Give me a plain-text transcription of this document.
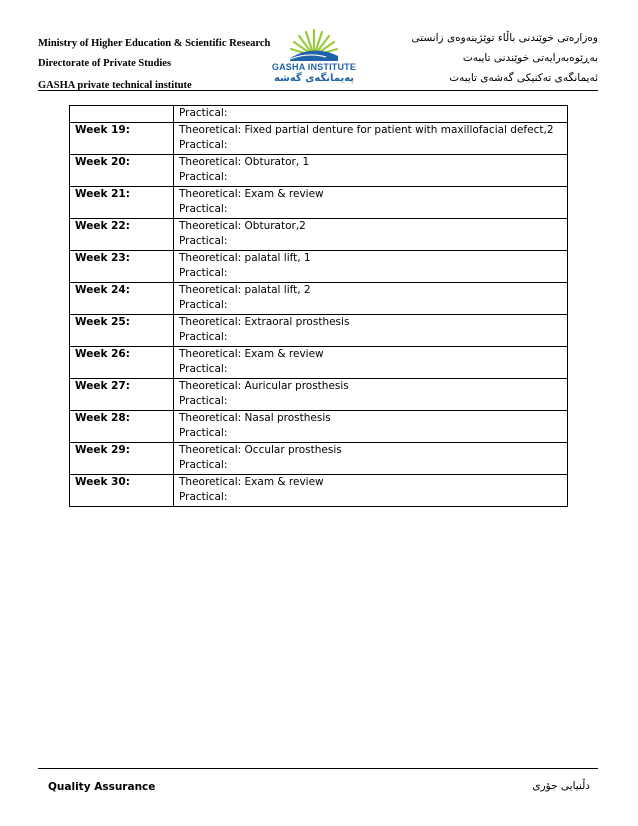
Ministry of Higher Education & Scientific Research
Directorate of Private Studies
GASHA private technical institute
GASHA INSTITUTE
پەیمانگەی گەشە
وەزارەتی خوێندنی باڵاء توێژینەوەی زانستی
بەڕێوەبەرایەتی خوێندنی تایبەت
ئەیمانگەی تەکنیکی گەشەی تایبەت

	Practical:

Week 19:	Theoretical: Fixed partial denture for patient with maxillofacial defect,2
Practical:

Week 20:	Theoretical: Obturator, 1
Practical:

Week 21:	Theoretical: Exam & review
Practical:

Week 22:	Theoretical: Obturator,2
Practical:

Week 23:	Theoretical: palatal lift, 1
Practical:

Week 24:	Theoretical: palatal lift, 2
Practical:

Week 25:	Theoretical: Extraoral prosthesis
Practical:

Week 26:	Theoretical: Exam & review
Practical:

Week 27:	Theoretical: Auricular prosthesis
Practical:

Week 28:	Theoretical: Nasal prosthesis
Practical:

Week 29:	Theoretical: Occular prosthesis
Practical:

Week 30:	Theoretical: Exam & review
Practical:
Quality Assurance	دڵنیایی جۆری
